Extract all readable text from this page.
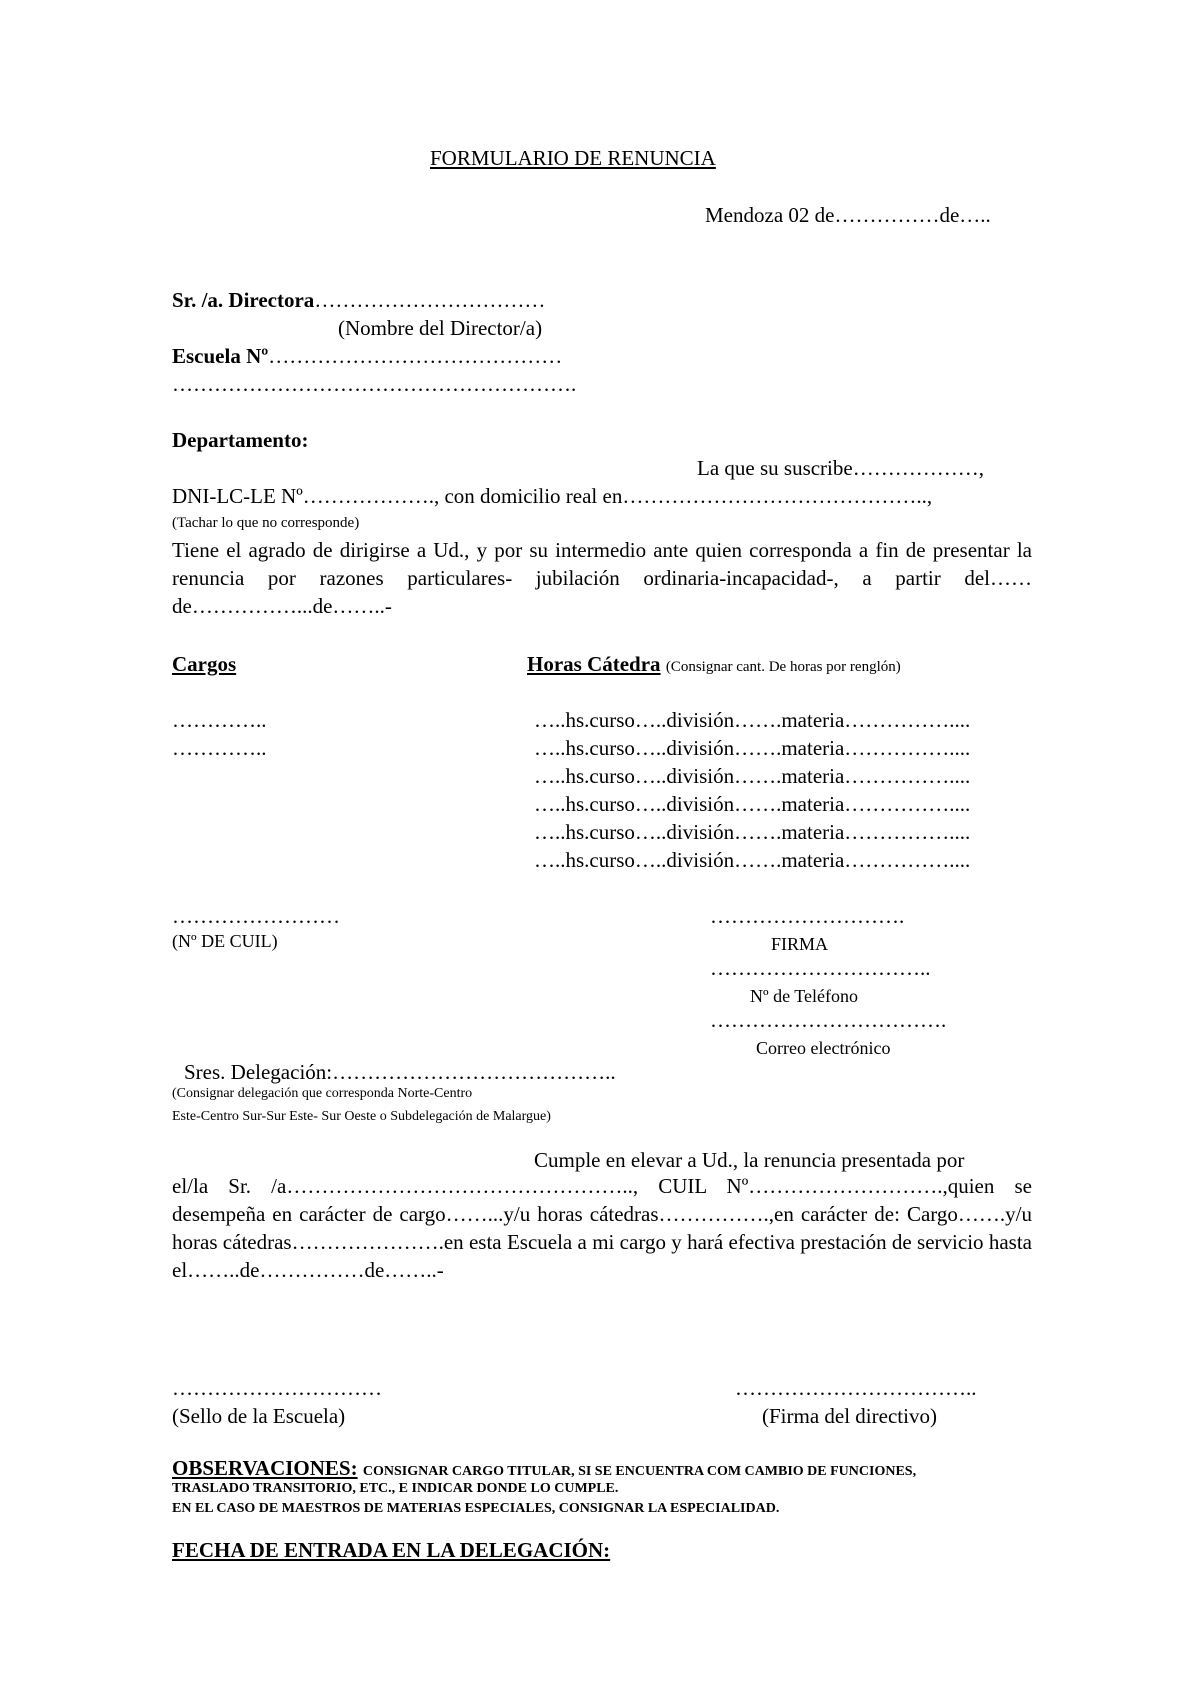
FORMULARIO DE RENUNCIA

Mendoza 02 de……………de…..

Sr. /a. Directora……………………………

(Nombre del Director/a)

Escuela Nº……………………………………

………………………………………………….

Departamento:

La que su suscribe………………,

DNI-LC-LE Nº………………., con domicilio real en……………………………………..,

(Tachar lo que no corresponde)

Tiene el agrado de dirigirse a Ud., y por su intermedio ante quien corresponda a fin de presentar la renuncia por razones particulares- jubilación ordinaria-incapacidad-, a partir del……de……………...de……..-

Cargos	Horas Cátedra (Consignar cant. De horas por renglón)

…………..

…………..

…..hs.curso…..división…….materia……………....

…..hs.curso…..división…….materia……………....

…..hs.curso…..división…….materia……………....

…..hs.curso…..división…….materia……………....

…..hs.curso…..división…….materia……………....

…..hs.curso…..división…….materia……………....

……………………

(Nº DE CUIL)

……………………….

FIRMA

…………………………..

Nº de Teléfono

…………………………….

Correo electrónico

Sres. Delegación:…………………………………..

(Consignar delegación que corresponda Norte-Centro

Este-Centro Sur-Sur Este- Sur Oeste o Subdelegación de Malargue)

Cumple en elevar a Ud., la renuncia presentada por

el/la Sr. /a………………………………………….., CUIL Nº……………………….,quien se desempeña en carácter de cargo……...y/u horas cátedras…………….,en carácter de: Cargo…….y/u horas cátedras………………….en esta Escuela a mi cargo y hará efectiva prestación de servicio hasta el……..de……………de……..-

…………………………

(Sello de la Escuela)

……………………………..

(Firma del directivo)

OBSERVACIONES: CONSIGNAR CARGO TITULAR, SI SE ENCUENTRA COM CAMBIO DE FUNCIONES,

TRASLADO TRANSITORIO, ETC., E INDICAR DONDE LO CUMPLE.

EN EL CASO DE MAESTROS DE MATERIAS ESPECIALES, CONSIGNAR LA ESPECIALIDAD.

FECHA DE ENTRADA EN LA DELEGACIÓN:
